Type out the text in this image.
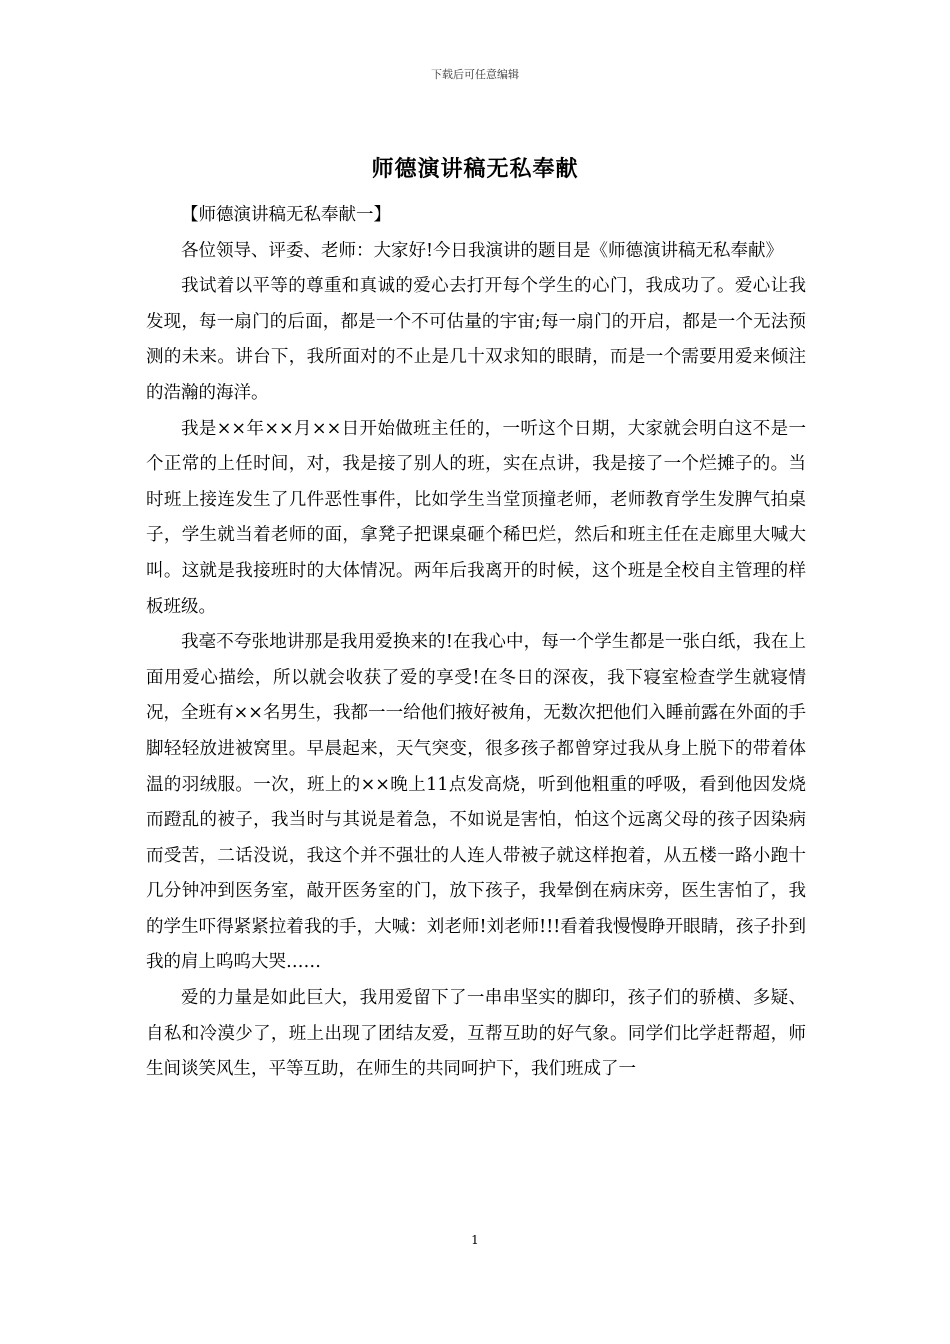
下载后可任意编辑
师德演讲稿无私奉献

【师德演讲稿无私奉献一】

各位领导、评委、老师：大家好!今日我演讲的题目是《师德演讲稿无私奉献》

我试着以平等的尊重和真诚的爱心去打开每个学生的心门，我成功了。爱心让我发现，每一扇门的后面，都是一个不可估量的宇宙;每一扇门的开启，都是一个无法预测的未来。讲台下，我所面对的不止是几十双求知的眼睛，而是一个需要用爱来倾注的浩瀚的海洋。

我是××年××月××日开始做班主任的，一听这个日期，大家就会明白这不是一个正常的上任时间，对，我是接了别人的班，实在点讲，我是接了一个烂摊子的。当时班上接连发生了几件恶性事件，比如学生当堂顶撞老师，老师教育学生发脾气拍桌子，学生就当着老师的面，拿凳子把课桌砸个稀巴烂，然后和班主任在走廊里大喊大叫。这就是我接班时的大体情况。两年后我离开的时候，这个班是全校自主管理的样板班级。

我毫不夸张地讲那是我用爱换来的!在我心中，每一个学生都是一张白纸，我在上面用爱心描绘，所以就会收获了爱的享受!在冬日的深夜，我下寝室检查学生就寝情况，全班有××名男生，我都一一给他们掖好被角，无数次把他们入睡前露在外面的手脚轻轻放进被窝里。早晨起来，天气突变，很多孩子都曾穿过我从身上脱下的带着体温的羽绒服。一次，班上的××晚上11点发高烧，听到他粗重的呼吸，看到他因发烧而蹬乱的被子，我当时与其说是着急，不如说是害怕，怕这个远离父母的孩子因染病而受苦，二话没说，我这个并不强壮的人连人带被子就这样抱着，从五楼一路小跑十几分钟冲到医务室，敲开医务室的门，放下孩子，我晕倒在病床旁，医生害怕了，我的学生吓得紧紧拉着我的手，大喊：刘老师!刘老师!!!看着我慢慢睁开眼睛，孩子扑到我的肩上呜呜大哭……

爱的力量是如此巨大，我用爱留下了一串串坚实的脚印，孩子们的骄横、多疑、自私和冷漠少了，班上出现了团结友爱，互帮互助的好气象。同学们比学赶帮超，师生间谈笑风生，平等互助，在师生的共同呵护下，我们班成了一

1
